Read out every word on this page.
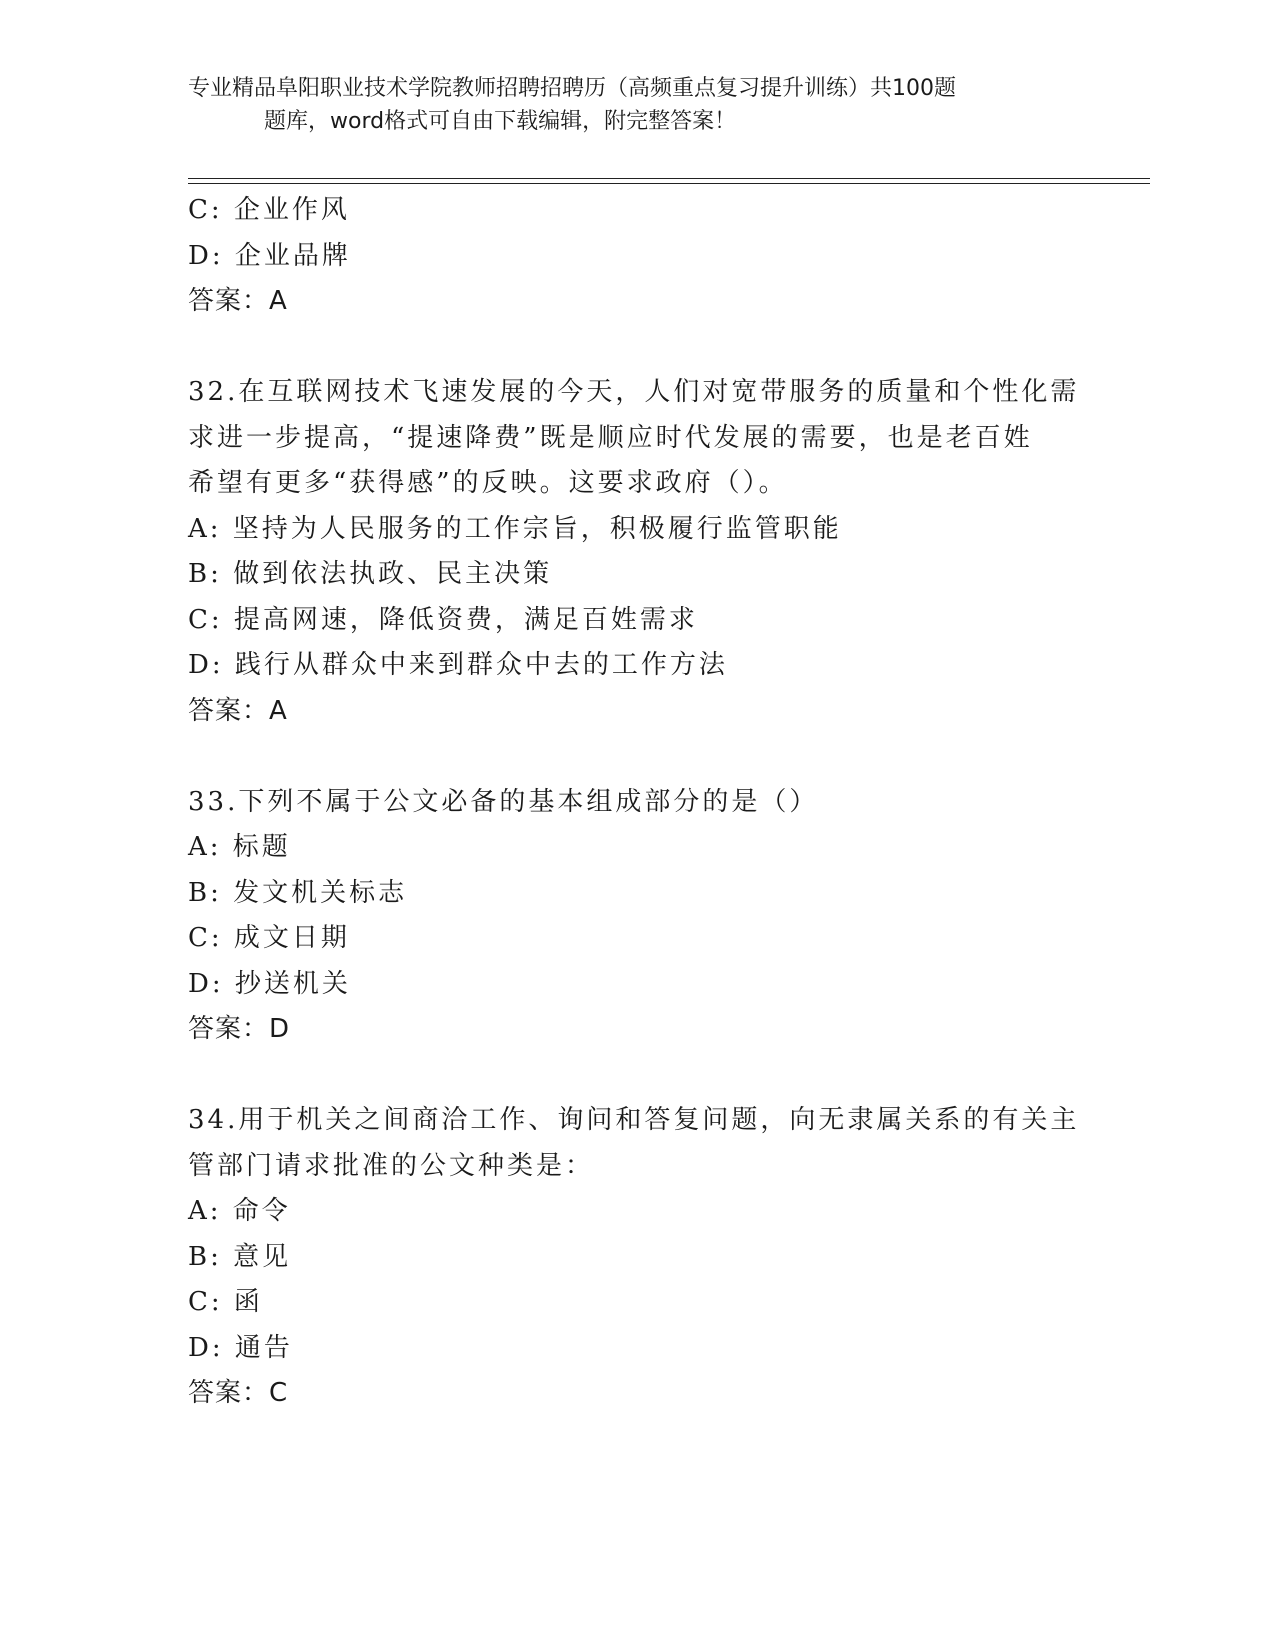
专业精品阜阳职业技术学院教师招聘招聘历（高频重点复习提升训练）共100题
题库，word格式可自由下载编辑，附完整答案！
C: 企业作风
D: 企业品牌
答案：A
32.在互联网技术飞速发展的今天，人们对宽带服务的质量和个性化需
求进一步提高，“提速降费”既是顺应时代发展的需要，也是老百姓
希望有更多“获得感”的反映。这要求政府（）。
A: 坚持为人民服务的工作宗旨，积极履行监管职能
B: 做到依法执政、民主决策
C: 提高网速，降低资费，满足百姓需求
D: 践行从群众中来到群众中去的工作方法
答案：A
33.下列不属于公文必备的基本组成部分的是（）
A: 标题
B: 发文机关标志
C: 成文日期
D: 抄送机关
答案：D
34.用于机关之间商洽工作、询问和答复问题，向无隶属关系的有关主
管部门请求批准的公文种类是：
A: 命令
B: 意见
C: 函
D: 通告
答案：C
